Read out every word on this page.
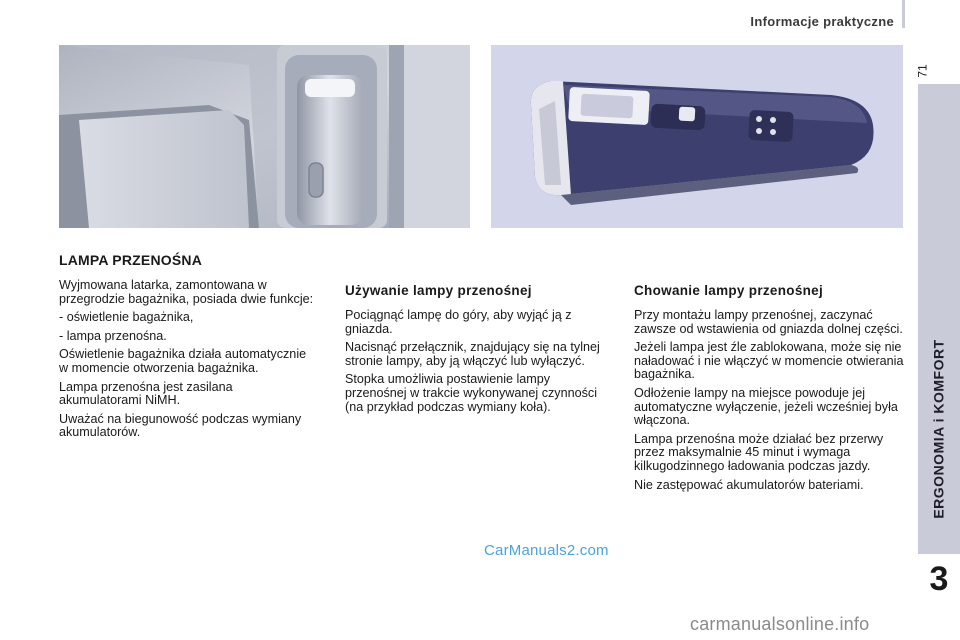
Informacje praktyczne
71
ERGONOMIA i KOMFORT
3
LAMPA PRZENOŚNA

Wyjmowana latarka, zamontowana w przegrodzie bagażnika, posiada dwie funkcje:

- oświetlenie bagażnika,

- lampa przenośna.

Oświetlenie bagażnika działa automatycznie w momencie otworzenia bagażnika.

Lampa przenośna jest zasilana akumulatorami NiMH.

Uważać na biegunowość podczas wymiany akumulatorów.

Używanie lampy przenośnej

Pociągnąć lampę do góry, aby wyjąć ją z gniazda.

Nacisnąć przełącznik, znajdujący się na tylnej stronie lampy, aby ją włączyć lub wyłączyć.

Stopka umożliwia postawienie lampy przenośnej w trakcie wykonywanej czynności (na przykład podczas wymiany koła).

Chowanie lampy przenośnej

Przy montażu lampy przenośnej, zaczynać zawsze od wstawienia od gniazda dolnej części.

Jeżeli lampa jest źle zablokowana, może się nie naładować i nie włączyć w momencie otwierania bagażnika.

Odłożenie lampy na miejsce powoduje jej automatyczne wyłączenie, jeżeli wcześniej była włączona.

Lampa przenośna może działać bez przerwy przez maksymalnie 45 minut i wymaga kilkugodzinnego ładowania podczas jazdy.

Nie zastępować akumulatorów bateriami.

CarManuals2.com
carmanualsonline.info
